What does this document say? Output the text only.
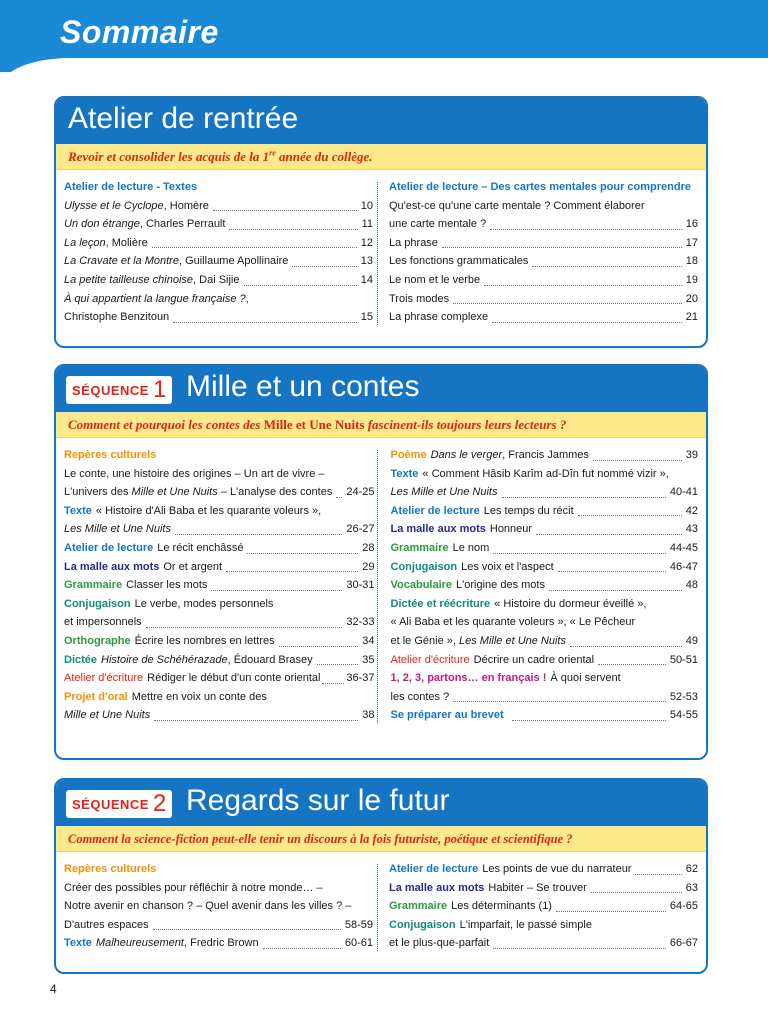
Sommaire
Atelier de rentrée
Revoir et consolider les acquis de la 1re année du collège.
Atelier de lecture - Textes
Ulysse et le Cyclope, Homère	10
Un don étrange, Charles Perrault	11
La leçon, Molière	12
La Cravate et la Montre, Guillaume Apollinaire	13
La petite tailleuse chinoise, Dai Sijie	14
À qui appartient la langue française ?,
Christophe Benzitoun	15
Atelier de lecture – Des cartes mentales pour comprendre
Qu'est-ce qu'une carte mentale ? Comment élaborer
une carte mentale ?	16
La phrase	17
Les fonctions grammaticales	18
Le nom et le verbe	19
Trois modes	20
La phrase complexe	21
SÉQUENCE 1 Mille et un contes
Comment et pourquoi les contes des Mille et Une Nuits fascinent-ils toujours leurs lecteurs ?
Repères culturels
Le conte, une histoire des origines – Un art de vivre –
L'univers des Mille et Une Nuits – L'analyse des contes 24-25
Texte « Histoire d'Ali Baba et les quarante voleurs »,
Les Mille et Une Nuits	26-27
Atelier de lecture Le récit enchâssé	28
La malle aux mots Or et argent	29
Grammaire Classer les mots	30-31
Conjugaison Le verbe, modes personnels
et impersonnels	32-33
Orthographe Écrire les nombres en lettres	34
Dictée Histoire de Schéhérazade, Édouard Brasey	35
Atelier d'écriture Rédiger le début d'un conte oriental 36-37
Projet d'oral Mettre en voix un conte des
Mille et Une Nuits	38
Poème Dans le verger, Francis Jammes	39
Texte « Comment Hâsib Karîm ad-Dîn fut nommé vizir »,
Les Mille et Une Nuits	40-41
Atelier de lecture Les temps du récit	42
La malle aux mots Honneur	43
Grammaire Le nom	44-45
Conjugaison Les voix et l'aspect	46-47
Vocabulaire L'origine des mots	48
Dictée et réécriture « Histoire du dormeur éveillé »,
« Ali Baba et les quarante voleurs », « Le Pêcheur
et le Génie », Les Mille et Une Nuits	49
Atelier d'écriture Décrire un cadre oriental	50-51
1, 2, 3, partons… en français ! À quoi servent
les contes ?	52-53
Se préparer au brevet	54-55
SÉQUENCE 2 Regards sur le futur
Comment la science-fiction peut-elle tenir un discours à la fois futuriste, poétique et scientifique ?
Repères culturels
Créer des possibles pour réfléchir à notre monde… –
Notre avenir en chanson ? – Quel avenir dans les villes ? –
D'autres espaces	58-59
Texte Malheureusement, Fredric Brown	60-61
Atelier de lecture Les points de vue du narrateur	62
La malle aux mots Habiter – Se trouver	63
Grammaire Les déterminants (1)	64-65
Conjugaison L'imparfait, le passé simple
et le plus-que-parfait	66-67
4
